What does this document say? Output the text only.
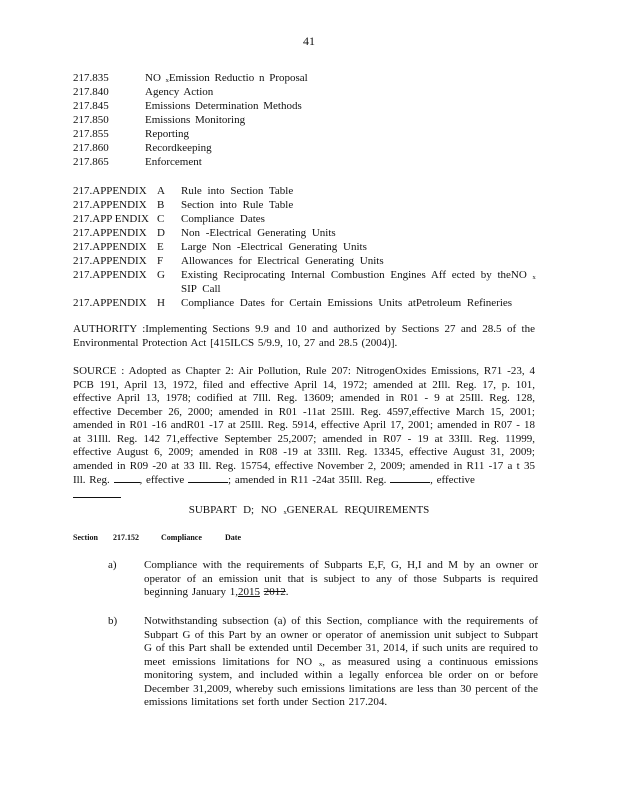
41
217.835	NO ₓEmission Reductio n Proposal
217.840	Agency Action
217.845	Emissions Determination Methods
217.850	Emissions Monitoring
217.855	Reporting
217.860	Recordkeeping
217.865	Enforcement
217.APPENDIX A	Rule into Section Table
217.APPENDIX B	Section into Rule Table
217.APP ENDIX C	Compliance Dates
217.APPENDIX D	Non -Electrical Generating Units
217.APPENDIX E	Large Non -Electrical Generating Units
217.APPENDIX F	Allowances for Electrical Generating Units
217.APPENDIX G	Existing Reciprocating Internal Combustion Engines Aff ected by theNO ₓ SIP Call
217.APPENDIX H	Compliance Dates for Certain Emissions Units atPetroleum Refineries
AUTHORITY :Implementing Sections 9.9 and 10 and authorized by Sections 27 and 28.5 of the Environmental Protection Act [415ILCS 5/9.9, 10, 27 and 28.5 (2004)].
SOURCE : Adopted as Chapter 2: Air Pollution, Rule 207: NitrogenOxides Emissions, R71 -23, 4 PCB 191, April 13, 1972, filed and effective April 14, 1972; amended at 2Ill. Reg. 17, p. 101, effective April 13, 1978; codified at 7Ill. Reg. 13609; amended in R01 - 9 at 25Ill. Reg. 128, effective December 26, 2000; amended in R01 -11at 25Ill. Reg. 4597,effective March 15, 2001; amended in R01 -16 andR01 -17 at 25Ill. Reg. 5914, effective April 17, 2001; amended in R07 - 18 at 31Ill. Reg. 142 71,effective September 25,2007; amended in R07 - 19 at 33Ill. Reg. 11999, effective August 6, 2009; amended in R08 -19 at 33Ill. Reg. 13345, effective August 31, 2009; amended in R09 -20 at 33 Ill. Reg. 15754, effective November 2, 2009; amended in R11 -17 a t 35 Ill. Reg.	, effective	; amended in R11 -24at 35Ill. Reg.	, effective
SUBPART D; NO ₓGENERAL REQUIREMENTS
Section 217.152	Compliance	Date
a)	Compliance with the requirements of Subparts E,F, G, H,I and M by an owner or operator of an emission unit that is subject to any of those Subparts is required beginning January 1,2015 2012.
b)	Notwithstanding subsection (a) of this Section, compliance with the requirements of Subpart G of this Part by an owner or operator of anemission unit subject to Subpart G of this Part shall be extended until December 31, 2014, if such units are required to meet emissions limitations for NO ₓ, as measured using a continuous emissions monitoring system, and included within a legally enforcea ble order on or before December 31,2009, whereby such emissions limitations are less than 30 percent of the emissions limitations set forth under Section 217.204.
